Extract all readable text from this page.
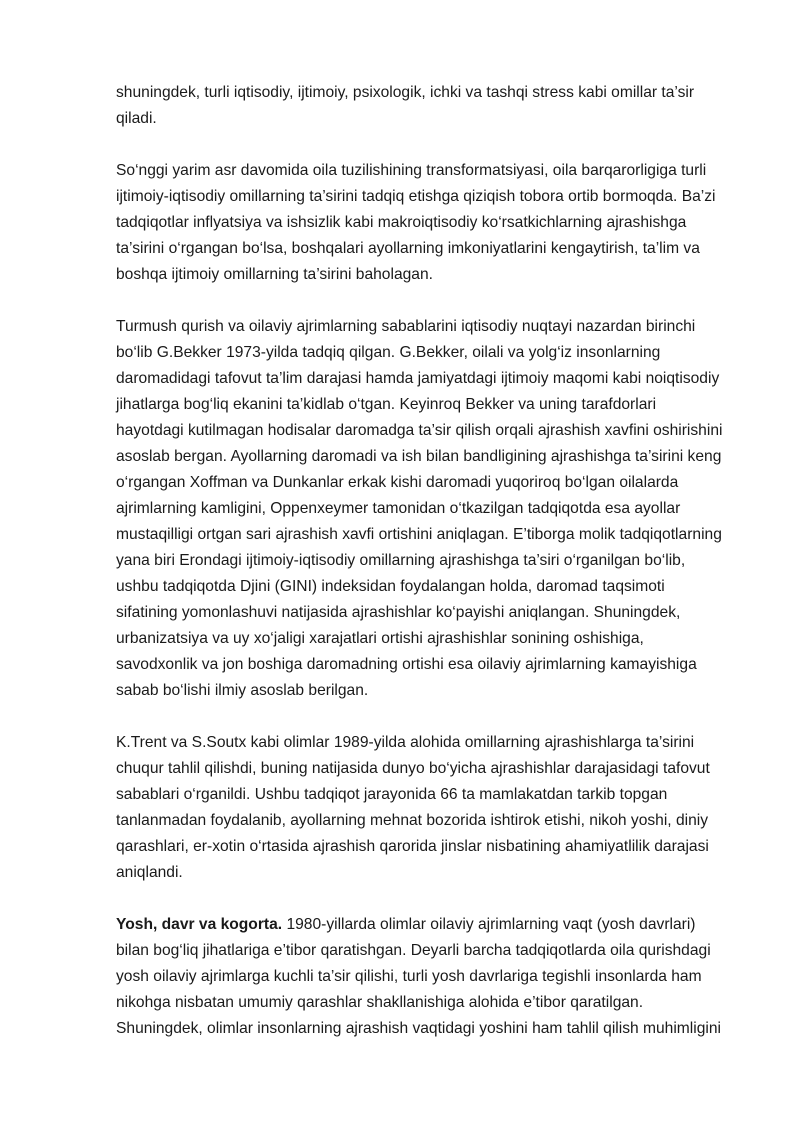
shuningdek, turli iqtisodiy, ijtimoiy, psixologik, ichki va tashqi stress kabi omillar ta’sir
qiladi.

So‘nggi yarim asr davomida oila tuzilishining transformatsiyasi, oila barqarorligiga turli
ijtimoiy-iqtisodiy omillarning ta’sirini tadqiq etishga qiziqish tobora ortib bormoqda. Ba’zi
tadqiqotlar inflyatsiya va ishsizlik kabi makroiqtisodiy ko‘rsatkichlarning ajrashishga
ta’sirini o‘rgangan bo‘lsa, boshqalari ayollarning imkoniyatlarini kengaytirish, ta’lim va
boshqa ijtimoiy omillarning ta’sirini baholagan.

Turmush qurish va oilaviy ajrimlarning sabablarini iqtisodiy nuqtayi nazardan birinchi
bo‘lib G.Bekker 1973-yilda tadqiq qilgan. G.Bekker, oilali va yolg‘iz insonlarning
daromadidagi tafovut ta’lim darajasi hamda jamiyatdagi ijtimoiy maqomi kabi noiqtisodiy
jihatlarga bog‘liq ekanini ta’kidlab o‘tgan. Keyinroq Bekker va uning tarafdorlari
hayotdagi kutilmagan hodisalar daromadga ta’sir qilish orqali ajrashish xavfini oshirishini
asoslab bergan. Ayollarning daromadi va ish bilan bandligining ajrashishga ta’sirini keng
o‘rgangan Xoffman va Dunkanlar erkak kishi daromadi yuqoriroq bo‘lgan oilalarda
ajrimlarning kamligini, Oppenxeymer tamonidan o‘tkazilgan tadqiqotda esa ayollar
mustaqilligi ortgan sari ajrashish xavfi ortishini aniqlagan. E’tiborga molik tadqiqotlarning
yana biri Erondagi ijtimoiy-iqtisodiy omillarning ajrashishga ta’siri o‘rganilgan bo‘lib,
ushbu tadqiqotda Djini (GINI) indeksidan foydalangan holda, daromad taqsimoti
sifatining yomonlashuvi natijasida ajrashishlar ko‘payishi aniqlangan. Shuningdek,
urbanizatsiya va uy xo‘jaligi xarajatlari ortishi ajrashishlar sonining oshishiga,
savodxonlik va jon boshiga daromadning ortishi esa oilaviy ajrimlarning kamayishiga
sabab bo‘lishi ilmiy asoslab berilgan.

K.Trent va S.Soutx kabi olimlar 1989-yilda alohida omillarning ajrashishlarga ta’sirini
chuqur tahlil qilishdi, buning natijasida dunyo bo‘yicha ajrashishlar darajasidagi tafovut
sabablari o‘rganildi. Ushbu tadqiqot jarayonida 66 ta mamlakatdan tarkib topgan
tanlanmadan foydalanib, ayollarning mehnat bozorida ishtirok etishi, nikoh yoshi, diniy
qarashlari, er-xotin o‘rtasida ajrashish qarorida jinslar nisbatining ahamiyatlilik darajasi
aniqlandi.

Yosh, davr va kogorta. 1980-yillarda olimlar oilaviy ajrimlarning vaqt (yosh davrlari)
bilan bog‘liq jihatlariga e’tibor qaratishgan. Deyarli barcha tadqiqotlarda oila qurishdagi
yosh oilaviy ajrimlarga kuchli ta’sir qilishi, turli yosh davrlariga tegishli insonlarda ham
nikohga nisbatan umumiy qarashlar shakllanishiga alohida e’tibor qaratilgan.
Shuningdek, olimlar insonlarning ajrashish vaqtidagi yoshini ham tahlil qilish muhimligini
